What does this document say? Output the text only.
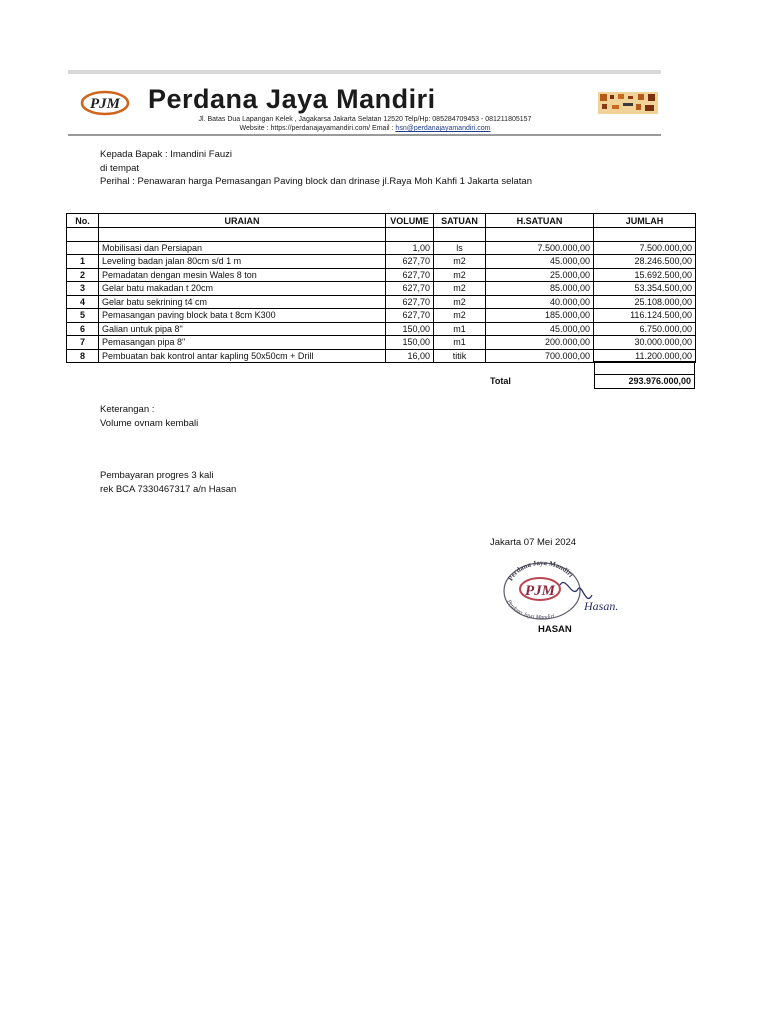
PJM Perdana Jaya Mandiri
Jl. Batas Dua Lapangan Kelek , Jagakarsa Jakarta Selatan 12520 Telp/Hp: 085284709453 - 081211805157
Website : https://perdanajayamandiri.com/ Email : hsn@perdanajayamandiri.com
Kepada Bapak : Imandini Fauzi
di tempat
Perihal : Penawaran harga Pemasangan Paving block dan drinase jl.Raya Moh Kahfi 1 Jakarta selatan
No.	URAIAN	VOLUME	SATUAN	H.SATUAN	JUMLAH

	Mobilisasi dan Persiapan	1,00	ls	7.500.000,00	7.500.000,00
1	Leveling badan jalan 80cm s/d 1 m	627,70	m2	45.000,00	28.246.500,00
2	Pemadatan dengan mesin Wales 8 ton	627,70	m2	25.000,00	15.692.500,00
3	Gelar batu makadan t 20cm	627,70	m2	85.000,00	53.354.500,00
4	Gelar batu sekrining t4 cm	627,70	m2	40.000,00	25.108.000,00
5	Pemasangan paving block bata t 8cm K300	627,70	m2	185.000,00	116.124.500,00
6	Galian untuk pipa 8"	150,00	m1	45.000,00	6.750.000,00
7	Pemasangan pipa 8"	150,00	m1	200.000,00	30.000.000,00
8	Pembuatan bak kontrol antar kapling 50x50cm + Drill	16,00	titik	700.000,00	11.200.000,00
Total	293.976.000,00
Keterangan :
Volume ovnam kembali
Pembayaran progres 3 kali
rek BCA 7330467317 a/n Hasan
Jakarta 07 Mei 2024
Perdana Jaya Mandiri
PJM
Perdana Jaya Mandiri
Hasan.
HASAN
